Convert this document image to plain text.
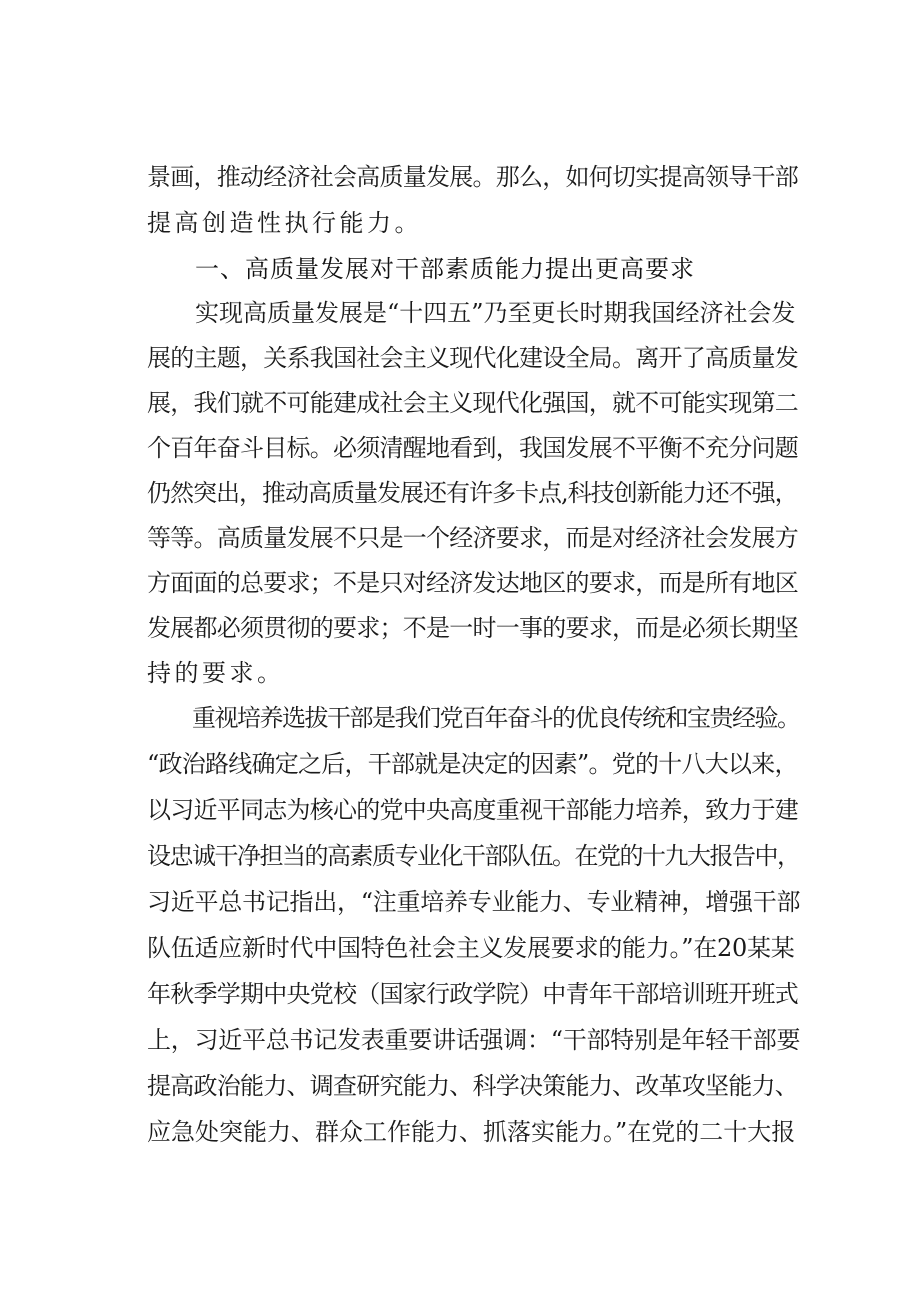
景画，推动经济社会高质量发展。那么，如何切实提高领导干部
提高创造性执行能力。
一、高质量发展对干部素质能力提出更高要求
　　实现高质量发展是“十四五”乃至更长时期我国经济社会发
展的主题，关系我国社会主义现代化建设全局。离开了高质量发
展，我们就不可能建成社会主义现代化强国，就不可能实现第二
个百年奋斗目标。必须清醒地看到，我国发展不平衡不充分问题
仍然突出，推动高质量发展还有许多卡点,科技创新能力还不强，
等等。高质量发展不只是一个经济要求，而是对经济社会发展方
方面面的总要求；不是只对经济发达地区的要求，而是所有地区
发展都必须贯彻的要求；不是一时一事的要求，而是必须长期坚
持的要求。
　　重视培养选拔干部是我们党百年奋斗的优良传统和宝贵经验。
“政治路线确定之后，干部就是决定的因素”。党的十八大以来，
以习近平同志为核心的党中央高度重视干部能力培养，致力于建
设忠诚干净担当的高素质专业化干部队伍。在党的十九大报告中，
习近平总书记指出，“注重培养专业能力、专业精神，增强干部
队伍适应新时代中国特色社会主义发展要求的能力。”在20某某
年秋季学期中央党校（国家行政学院）中青年干部培训班开班式
上，习近平总书记发表重要讲话强调：“干部特别是年轻干部要
提高政治能力、调查研究能力、科学决策能力、改革攻坚能力、
应急处突能力、群众工作能力、抓落实能力。”在党的二十大报
